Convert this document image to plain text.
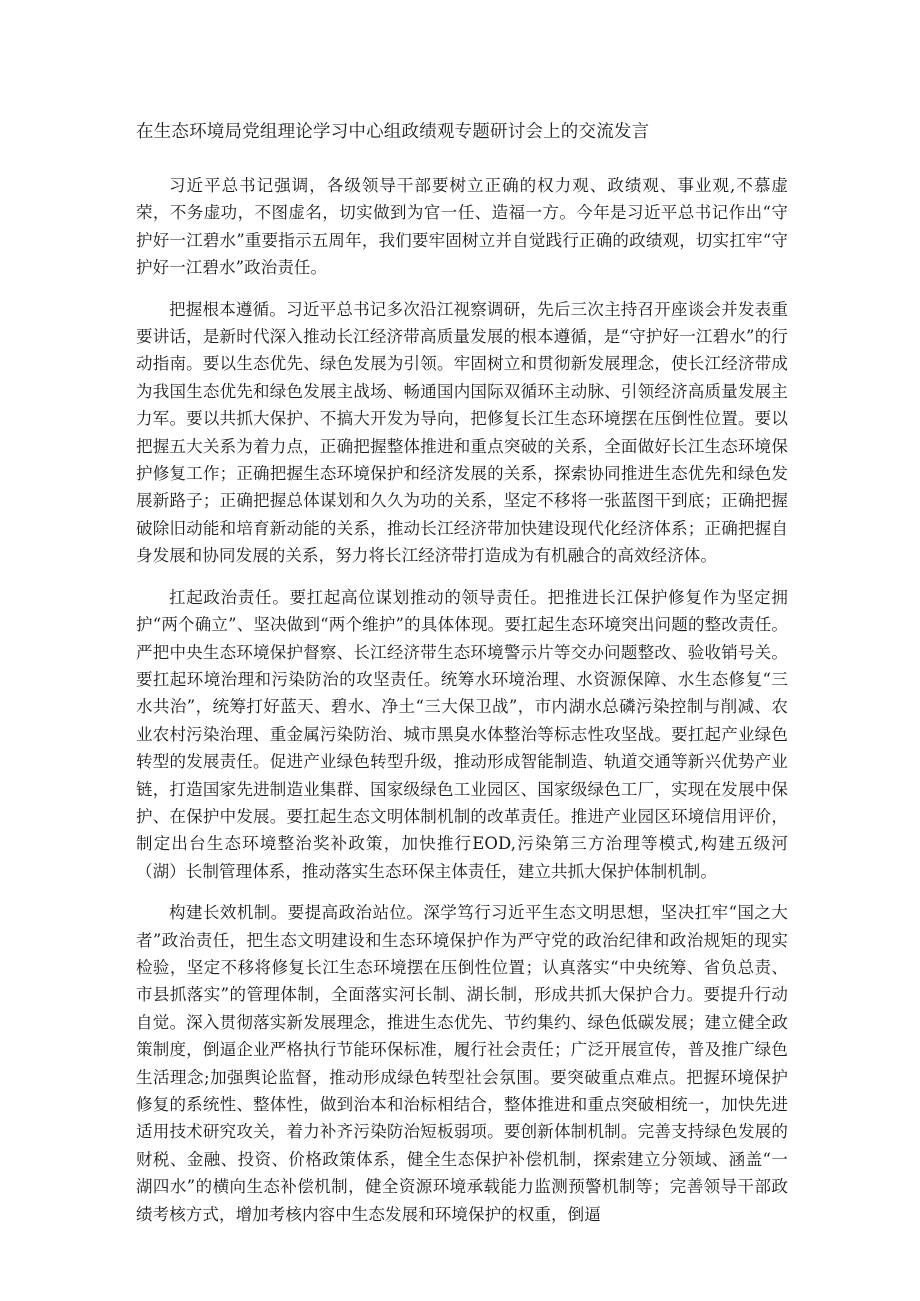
在生态环境局党组理论学习中心组政绩观专题研讨会上的交流发言

习近平总书记强调，各级领导干部要树立正确的权力观、政绩观、事业观,不慕虚荣，不务虚功，不图虚名，切实做到为官一任、造福一方。今年是习近平总书记作出“守护好一江碧水”重要指示五周年，我们要牢固树立并自觉践行正确的政绩观，切实扛牢“守护好一江碧水”政治责任。

把握根本遵循。习近平总书记多次沿江视察调研，先后三次主持召开座谈会并发表重要讲话，是新时代深入推动长江经济带高质量发展的根本遵循，是“守护好一江碧水”的行动指南。要以生态优先、绿色发展为引领。牢固树立和贯彻新发展理念，使长江经济带成为我国生态优先和绿色发展主战场、畅通国内国际双循环主动脉、引领经济高质量发展主力军。要以共抓大保护、不搞大开发为导向，把修复长江生态环境摆在压倒性位置。要以把握五大关系为着力点，正确把握整体推进和重点突破的关系，全面做好长江生态环境保护修复工作；正确把握生态环境保护和经济发展的关系，探索协同推进生态优先和绿色发展新路子；正确把握总体谋划和久久为功的关系，坚定不移将一张蓝图干到底；正确把握破除旧动能和培育新动能的关系，推动长江经济带加快建设现代化经济体系；正确把握自身发展和协同发展的关系，努力将长江经济带打造成为有机融合的高效经济体。

扛起政治责任。要扛起高位谋划推动的领导责任。把推进长江保护修复作为坚定拥护“两个确立”、坚决做到“两个维护”的具体体现。要扛起生态环境突出问题的整改责任。严把中央生态环境保护督察、长江经济带生态环境警示片等交办问题整改、验收销号关。要扛起环境治理和污染防治的攻坚责任。统筹水环境治理、水资源保障、水生态修复“三水共治”，统筹打好蓝天、碧水、净土“三大保卫战”，市内湖水总磷污染控制与削减、农业农村污染治理、重金属污染防治、城市黑臭水体整治等标志性攻坚战。要扛起产业绿色转型的发展责任。促进产业绿色转型升级，推动形成智能制造、轨道交通等新兴优势产业链，打造国家先进制造业集群、国家级绿色工业园区、国家级绿色工厂，实现在发展中保护、在保护中发展。要扛起生态文明体制机制的改革责任。推进产业园区环境信用评价，制定出台生态环境整治奖补政策，加快推行EOD,污染第三方治理等模式,构建五级河（湖）长制管理体系，推动落实生态环保主体责任，建立共抓大保护体制机制。

构建长效机制。要提高政治站位。深学笃行习近平生态文明思想，坚决扛牢“国之大者”政治责任，把生态文明建设和生态环境保护作为严守党的政治纪律和政治规矩的现实检验，坚定不移将修复长江生态环境摆在压倒性位置；认真落实“中央统筹、省负总责、市县抓落实”的管理体制，全面落实河长制、湖长制，形成共抓大保护合力。要提升行动自觉。深入贯彻落实新发展理念，推进生态优先、节约集约、绿色低碳发展；建立健全政策制度，倒逼企业严格执行节能环保标准，履行社会责任；广泛开展宣传，普及推广绿色生活理念;加强舆论监督，推动形成绿色转型社会氛围。要突破重点难点。把握环境保护修复的系统性、整体性，做到治本和治标相结合，整体推进和重点突破相统一，加快先进适用技术研究攻关，着力补齐污染防治短板弱项。要创新体制机制。完善支持绿色发展的财税、金融、投资、价格政策体系，健全生态保护补偿机制，探索建立分领域、涵盖“一湖四水”的横向生态补偿机制，健全资源环境承载能力监测预警机制等；完善领导干部政绩考核方式，增加考核内容中生态发展和环境保护的权重，倒逼
